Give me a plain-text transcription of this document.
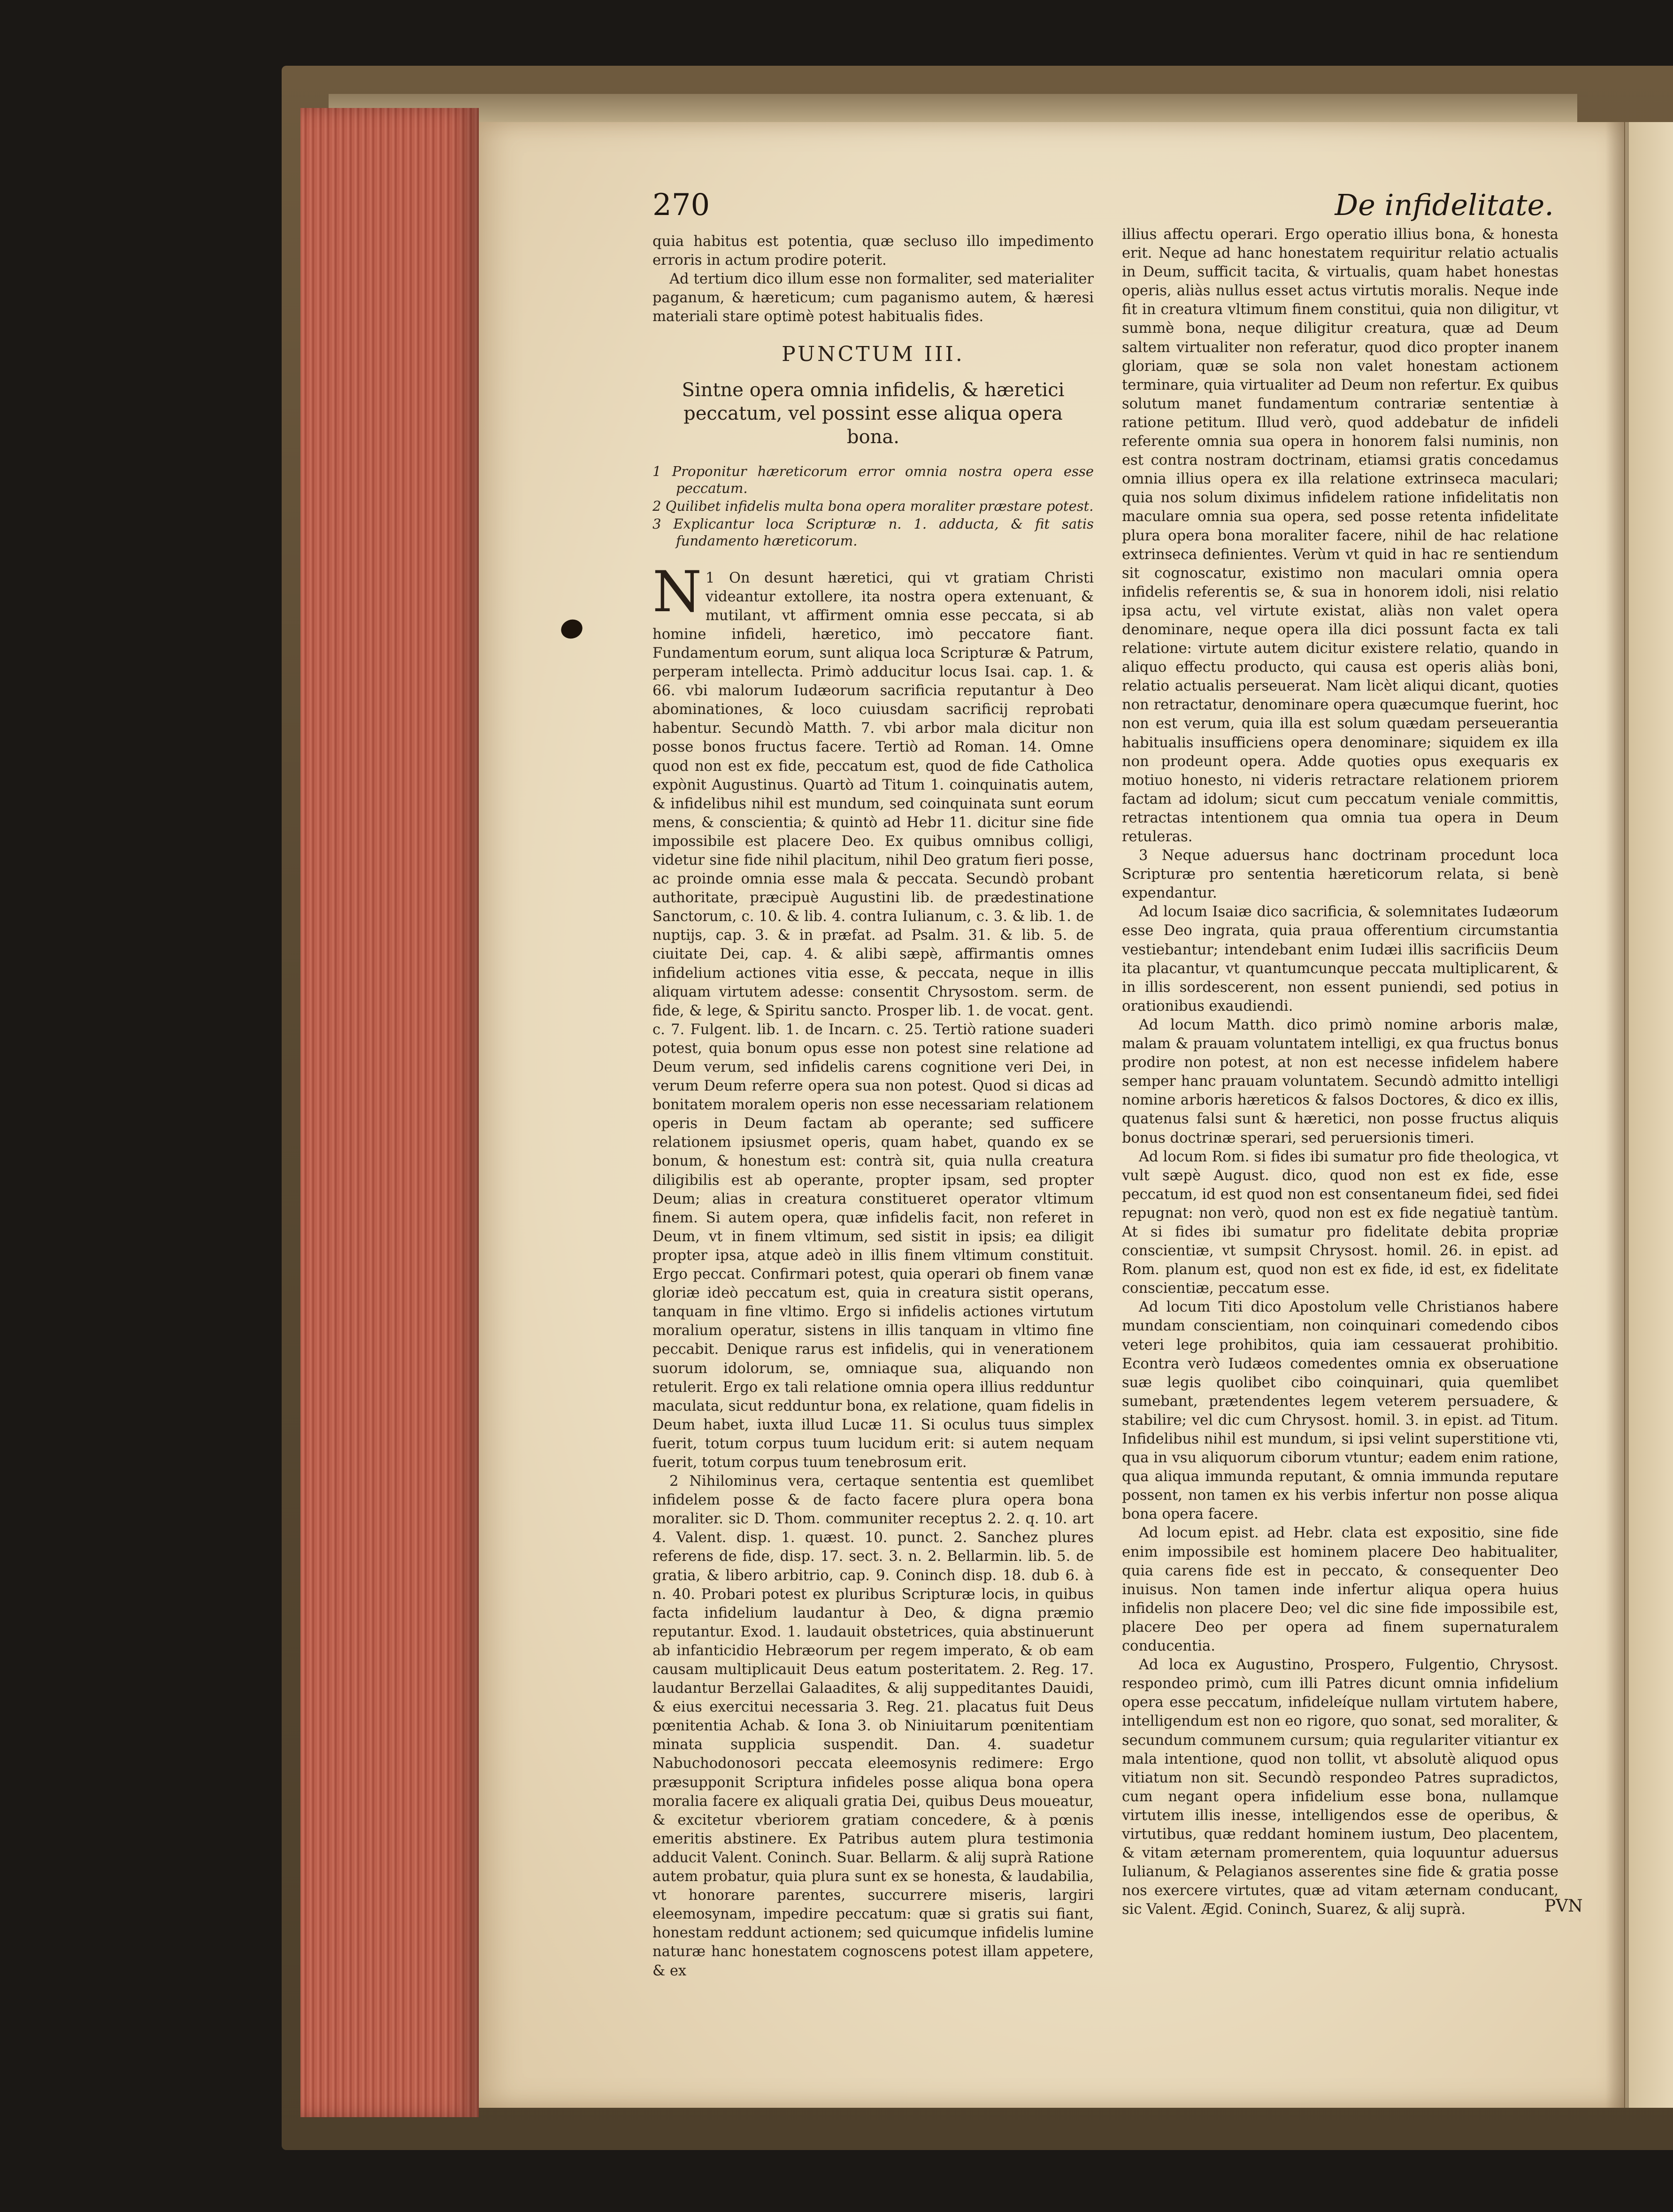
270	De infidelitate.

quia habitus est potentia, quæ secluso illo impedimento erroris in actum prodire poterit.

Ad tertium dico illum esse non formaliter, sed materialiter paganum, & hæreticum; cum paganismo autem, & hæresi materiali stare optimè potest habitualis fides.

PUNCTUM III.
Sintne opera omnia infidelis, & hæretici peccatum, vel possint esse aliqua opera bona.
1 Proponitur hæreticorum error omnia nostra opera esse peccatum.
2 Quilibet infidelis multa bona opera moraliter præstare potest.
3 Explicantur loca Scripturæ n. 1. adducta, & fit satis fundamento hæreticorum.

N 1 On desunt hæretici, qui vt gratiam Christi videantur extollere, ita nostra opera extenuant, & mutilant, vt affirment omnia esse peccata, si ab homine infideli, hæretico, imò peccatore fiant. Fundamentum eorum, sunt aliqua loca Scripturæ & Patrum, perperam intellecta. Primò adducitur locus Isai. cap. 1. & 66. vbi malorum Iudæorum sacrificia reputantur à Deo abominationes, & loco cuiusdam sacrificij reprobati habentur. Secundò Matth. 7. vbi arbor mala dicitur non posse bonos fructus facere. Tertiò ad Roman. 14. Omne quod non est ex fide, peccatum est, quod de fide Catholica expònit Augustinus. Quartò ad Titum 1. coinquinatis autem, & infidelibus nihil est mundum, sed coinquinata sunt eorum mens, & conscientia; & quintò ad Hebr 11. dicitur sine fide impossibile est placere Deo. Ex quibus omnibus colligi, videtur sine fide nihil placitum, nihil Deo gratum fieri posse, ac proinde omnia esse mala & peccata. Secundò probant authoritate, præcipuè Augustini lib. de prædestinatione Sanctorum, c. 10. & lib. 4. contra Iulianum, c. 3. & lib. 1. de nuptijs, cap. 3. & in præfat. ad Psalm. 31. & lib. 5. de ciuitate Dei, cap. 4. & alibi sæpè, affirmantis omnes infidelium actiones vitia esse, & peccata, neque in illis aliquam virtutem adesse: consentit Chrysostom. serm. de fide, & lege, & Spiritu sancto. Prosper lib. 1. de vocat. gent. c. 7. Fulgent. lib. 1. de Incarn. c. 25. Tertiò ratione suaderi potest, quia bonum opus esse non potest sine relatione ad Deum verum, sed infidelis carens cognitione veri Dei, in verum Deum referre opera sua non potest. Quod si dicas ad bonitatem moralem operis non esse necessariam relationem operis in Deum factam ab operante; sed sufficere relationem ipsiusmet operis, quam habet, quando ex se bonum, & honestum est: contrà sit, quia nulla creatura diligibilis est ab operante, propter ipsam, sed propter Deum; alias in creatura constitueret operator vltimum finem. Si autem opera, quæ infidelis facit, non referet in Deum, vt in finem vltimum, sed sistit in ipsis; ea diligit propter ipsa, atque adeò in illis finem vltimum constituit. Ergo peccat. Confirmari potest, quia operari ob finem vanæ gloriæ ideò peccatum est, quia in creatura sistit operans, tanquam in fine vltimo. Ergo si infidelis actiones virtutum moralium operatur, sistens in illis tanquam in vltimo fine peccabit. Denique rarus est infidelis, qui in venerationem suorum idolorum, se, omniaque sua, aliquando non retulerit. Ergo ex tali relatione omnia opera illius redduntur maculata, sicut redduntur bona, ex relatione, quam fidelis in Deum habet, iuxta illud Lucæ 11. Si oculus tuus simplex fuerit, totum corpus tuum lucidum erit: si autem nequam fuerit, totum corpus tuum tenebrosum erit.

2 Nihilominus vera, certaque sententia est quemlibet infidelem posse & de facto facere plura opera bona moraliter. sic D. Thom. communiter receptus 2. 2. q. 10. art 4. Valent. disp. 1. quæst. 10. punct. 2. Sanchez plures referens de fide, disp. 17. sect. 3. n. 2. Bellarmin. lib. 5. de gratia, & libero arbitrio, cap. 9. Coninch disp. 18. dub 6. à n. 40. Probari potest ex pluribus Scripturæ locis, in quibus facta infidelium laudantur à Deo, & digna præmio reputantur. Exod. 1. laudauit obstetrices, quia abstinuerunt ab infanticidio Hebræorum per regem imperato, & ob eam causam multiplicauit Deus eatum posteritatem. 2. Reg. 17. laudantur Berzellai Galaadites, & alij suppeditantes Dauidi, & eius exercitui necessaria 3. Reg. 21. placatus fuit Deus pœnitentia Achab. & Iona 3. ob Niniuitarum pœnitentiam minata supplicia suspendit. Dan. 4. suadetur Nabuchodonosori peccata eleemosynis redimere: Ergo præsupponit Scriptura infideles posse aliqua bona opera moralia facere ex aliquali gratia Dei, quibus Deus moueatur, & excitetur vberiorem gratiam concedere, & à pœnis emeritis abstinere. Ex Patribus autem plura testimonia adducit Valent. Coninch. Suar. Bellarm. & alij suprà Ratione autem probatur, quia plura sunt ex se honesta, & laudabilia, vt honorare parentes, succurrere miseris, largiri eleemosynam, impedire peccatum: quæ si gratis sui fiant, honestam reddunt actionem; sed quicumque infidelis lumine naturæ hanc honestatem cognoscens potest illam appetere, & ex

illius affectu operari. Ergo operatio illius bona, & honesta erit. Neque ad hanc honestatem requiritur relatio actualis in Deum, sufficit tacita, & virtualis, quam habet honestas operis, aliàs nullus esset actus virtutis moralis. Neque inde fit in creatura vltimum finem constitui, quia non diligitur, vt summè bona, neque diligitur creatura, quæ ad Deum saltem virtualiter non referatur, quod dico propter inanem gloriam, quæ se sola non valet honestam actionem terminare, quia virtualiter ad Deum non refertur. Ex quibus solutum manet fundamentum contrariæ sententiæ à ratione petitum. Illud verò, quod addebatur de infideli referente omnia sua opera in honorem falsi numinis, non est contra nostram doctrinam, etiamsi gratis concedamus omnia illius opera ex illa relatione extrinseca maculari; quia nos solum diximus infidelem ratione infidelitatis non maculare omnia sua opera, sed posse retenta infidelitate plura opera bona moraliter facere, nihil de hac relatione extrinseca definientes. Verùm vt quid in hac re sentiendum sit cognoscatur, existimo non maculari omnia opera infidelis referentis se, & sua in honorem idoli, nisi relatio ipsa actu, vel virtute existat, aliàs non valet opera denominare, neque opera illa dici possunt facta ex tali relatione: virtute autem dicitur existere relatio, quando in aliquo effectu producto, qui causa est operis aliàs boni, relatio actualis perseuerat. Nam licèt aliqui dicant, quoties non retractatur, denominare opera quæcumque fuerint, hoc non est verum, quia illa est solum quædam perseuerantia habitualis insufficiens opera denominare; siquidem ex illa non prodeunt opera. Adde quoties opus exequaris ex motiuo honesto, ni videris retractare relationem priorem factam ad idolum; sicut cum peccatum veniale committis, retractas intentionem qua omnia tua opera in Deum retuleras.

3 Neque aduersus hanc doctrinam procedunt loca Scripturæ pro sententia hæreticorum relata, si benè expendantur.

Ad locum Isaiæ dico sacrificia, & solemnitates Iudæorum esse Deo ingrata, quia praua offerentium circumstantia vestiebantur; intendebant enim Iudæi illis sacrificiis Deum ita placantur, vt quantumcunque peccata multiplicarent, & in illis sordescerent, non essent puniendi, sed potius in orationibus exaudiendi.

Ad locum Matth. dico primò nomine arboris malæ, malam & prauam voluntatem intelligi, ex qua fructus bonus prodire non potest, at non est necesse infidelem habere semper hanc prauam voluntatem. Secundò admitto intelligi nomine arboris hæreticos & falsos Doctores, & dico ex illis, quatenus falsi sunt & hæretici, non posse fructus aliquis bonus doctrinæ sperari, sed peruersionis timeri.

Ad locum Rom. si fides ibi sumatur pro fide theologica, vt vult sæpè August. dico, quod non est ex fide, esse peccatum, id est quod non est consentaneum fidei, sed fidei repugnat: non verò, quod non est ex fide negatiuè tantùm. At si fides ibi sumatur pro fidelitate debita propriæ conscientiæ, vt sumpsit Chrysost. homil. 26. in epist. ad Rom. planum est, quod non est ex fide, id est, ex fidelitate conscientiæ, peccatum esse.

Ad locum Titi dico Apostolum velle Christianos habere mundam conscientiam, non coinquinari comedendo cibos veteri lege prohibitos, quia iam cessauerat prohibitio. Econtra verò Iudæos comedentes omnia ex obseruatione suæ legis quolibet cibo coinquinari, quia quemlibet sumebant, prætendentes legem veterem persuadere, & stabilire; vel dic cum Chrysost. homil. 3. in epist. ad Titum. Infidelibus nihil est mundum, si ipsi velint superstitione vti, qua in vsu aliquorum ciborum vtuntur; eadem enim ratione, qua aliqua immunda reputant, & omnia immunda reputare possent, non tamen ex his verbis infertur non posse aliqua bona opera facere.

Ad locum epist. ad Hebr. clata est expositio, sine fide enim impossibile est hominem placere Deo habitualiter, quia carens fide est in peccato, & consequenter Deo inuisus. Non tamen inde infertur aliqua opera huius infidelis non placere Deo; vel dic sine fide impossibile est, placere Deo per opera ad finem supernaturalem conducentia.

Ad loca ex Augustino, Prospero, Fulgentio, Chrysost. respondeo primò, cum illi Patres dicunt omnia infidelium opera esse peccatum, infideleíque nullam virtutem habere, intelligendum est non eo rigore, quo sonat, sed moraliter, & secundum communem cursum; quia regulariter vitiantur ex mala intentione, quod non tollit, vt absolutè aliquod opus vitiatum non sit. Secundò respondeo Patres supradictos, cum negant opera infidelium esse bona, nullamque virtutem illis inesse, intelligendos esse de operibus, & virtutibus, quæ reddant hominem iustum, Deo placentem, & vitam æternam promerentem, quia loquuntur aduersus Iulianum, & Pelagianos asserentes sine fide & gratia posse nos exercere virtutes, quæ ad vitam æternam conducant, sic Valent. Ægid. Coninch, Suarez, & alij suprà.	PVN
